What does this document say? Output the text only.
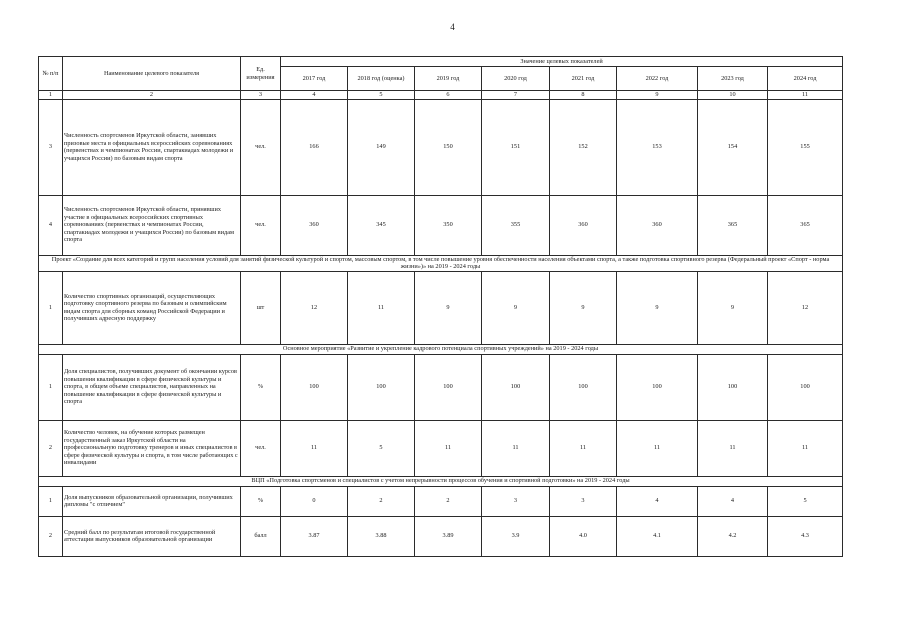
4
№ п/п	Наименование целевого показателя	Ед. измерения	Значение целевых показателей							
			2017 год	2018 год (оценка)	2019 год	2020 год	2021 год	2022 год	2023 год	2024 год
1	2	3	4	5	6	7	8	9	10	11
3	Численность спортсменов Иркутской области, занявших призовые места в официальных всероссийских соревнованиях (первенствах и чемпионатах России, спартакиадах молодежи и учащихся России) по базовым видам спорта	чел.	166	149	150	151	152	153	154	155
4	Численность спортсменов Иркутской области, принявших участие в официальных всероссийских спортивных соревнованиях (первенствах и чемпионатах России, спартакиадах молодежи и учащихся России) по базовым видам спорта	чел.	360	345	350	355	360	360	365	365
Проект «Создание для всех категорий и групп населения условий для занятий физической культурой и спортом, массовым спортом, в том числе повышение уровня обеспеченности населения объектами спорта, а также подготовка спортивного резерва (Федеральный проект «Спорт - норма жизни»)» на 2019 - 2024 годы										
1	Количество спортивных организаций, осуществляющих подготовку спортивного резерва по базовым и олимпийским видам спорта для сборных команд Российской Федерации и получивших адресную поддержку	шт	12	11	9	9	9	9	9	12
Основное мероприятие «Развитие и укрепление кадрового потенциала спортивных учреждений» на 2019 - 2024 годы										
1	Доля специалистов, получивших документ об окончании курсов повышения квалификации в сфере физической культуры и спорта, в общем объеме специалистов, направленных на повышение квалификации в сфере физической культуры и спорта	%	100	100	100	100	100	100	100	100
2	Количество человек, на обучение которых размещен государственный заказ Иркутской области на профессиональную подготовку тренеров и иных специалистов в сфере физической культуры и спорта, в том числе работающих с инвалидами	чел.	11	5	11	11	11	11	11	11
ВЦП «Подготовка спортсменов и специалистов с учетом непрерывности процессов обучения и спортивной подготовки» на 2019 - 2024 годы										
1	Доля выпускников образовательной организации, получивших дипломы "с отличием"	%	0	2	2	3	3	4	4	5
2	Средний балл по результатам итоговой государственной аттестации выпускников образовательной организации	балл	3.87	3.88	3.89	3.9	4.0	4.1	4.2	4.3
